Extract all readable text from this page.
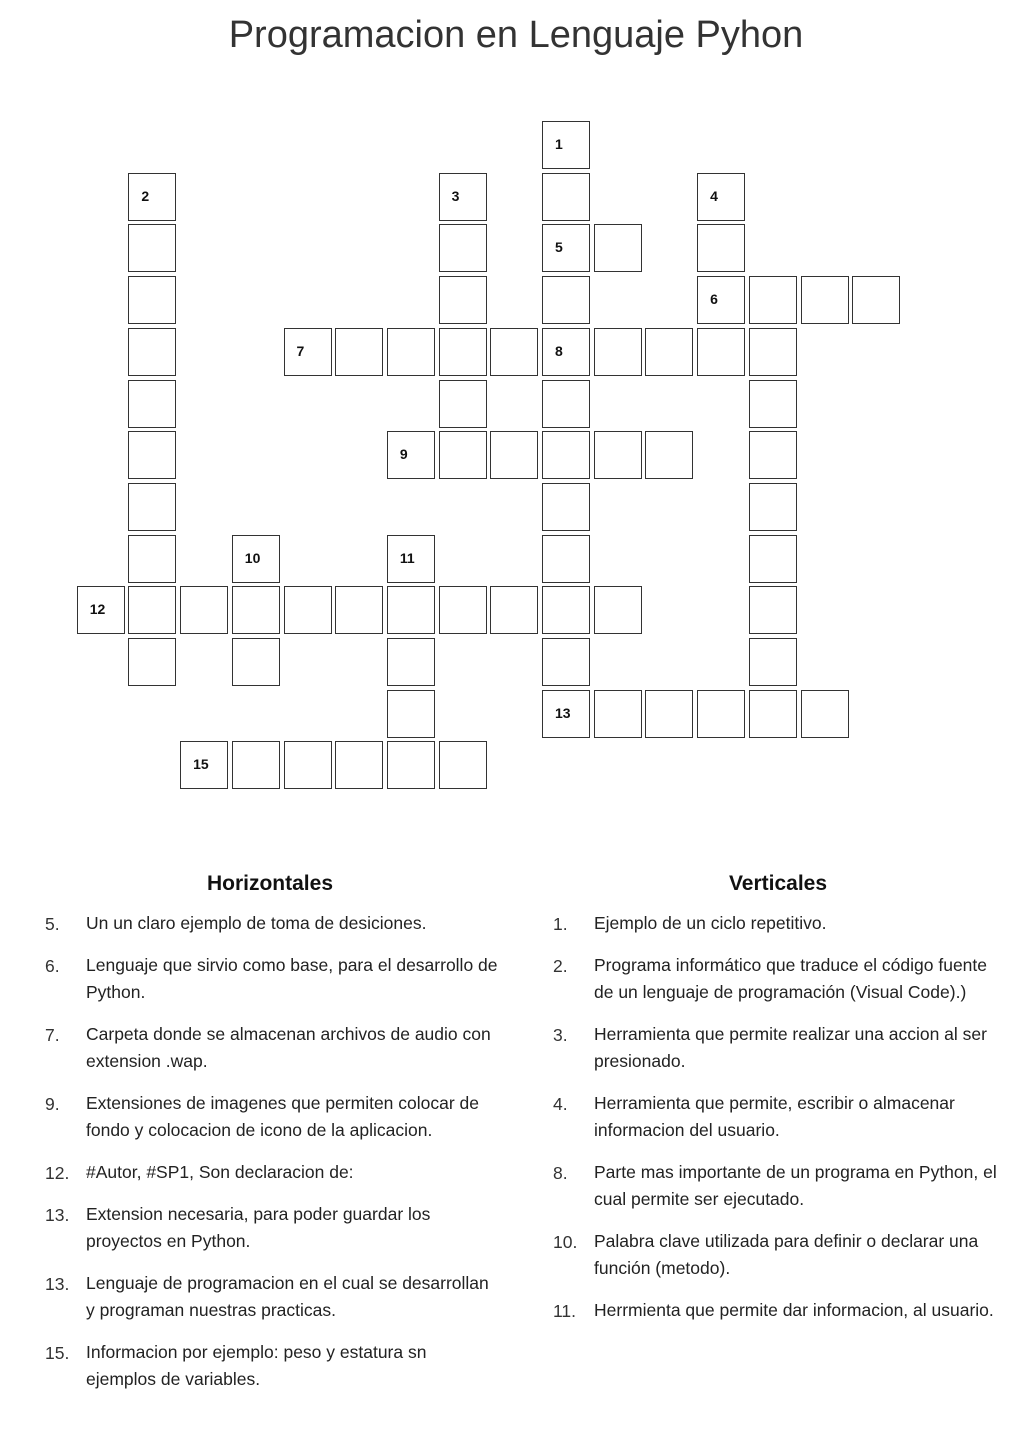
Programacion en Lenguaje Pyhon
1
2	3	4
5
6
7	8
9
10	11
12
13
15
Horizontales
5. Un un claro ejemplo de toma de desiciones.
6. Lenguaje que sirvio como base, para el desarrollo de Python.
7. Carpeta donde se almacenan archivos de audio con extension .wap.
9. Extensiones de imagenes que permiten colocar de fondo y colocacion de icono de la aplicacion.
12. #Autor, #SP1, Son declaracion de:
13. Extension necesaria, para poder guardar los proyectos en Python.
13. Lenguaje de programacion en el cual se desarrollan y programan nuestras practicas.
15. Informacion por ejemplo: peso y estatura sn ejemplos de variables.
Verticales
1. Ejemplo de un ciclo repetitivo.
2. Programa informático que traduce el código fuente de un lenguaje de programación (Visual Code).)
3. Herramienta que permite realizar una accion al ser presionado.
4. Herramienta que permite, escribir o almacenar informacion del usuario.
8. Parte mas importante de un programa en Python, el cual permite ser ejecutado.
10. Palabra clave utilizada para definir o declarar una función (metodo).
11. Herrmienta que permite dar informacion, al usuario.
